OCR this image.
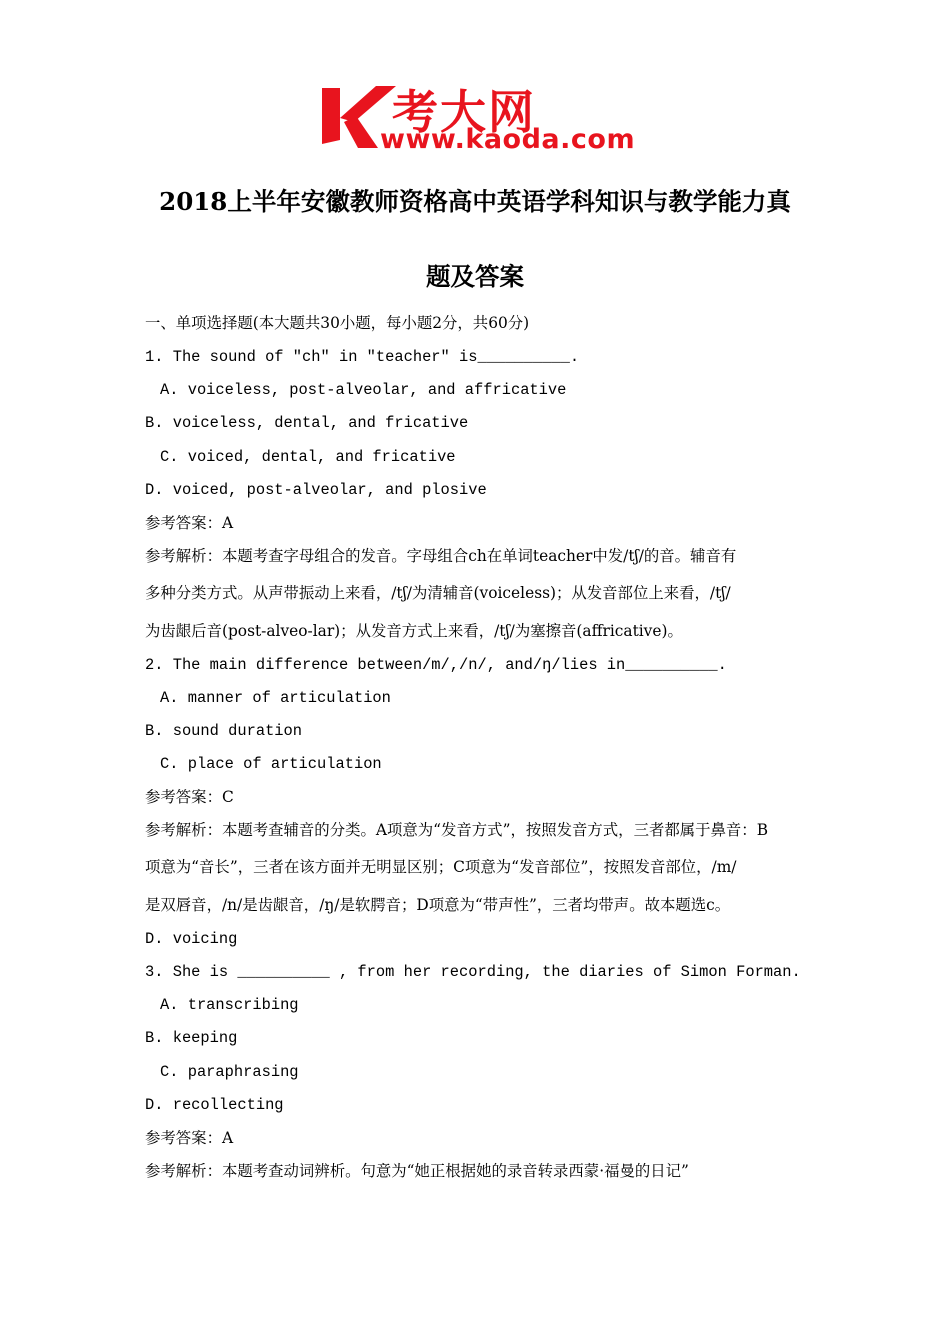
考大网
www.kaoda.com
2018上半年安徽教师资格高中英语学科知识与教学能力真
题及答案
一、单项选择题(本大题共30小题，每小题2分，共60分)
1. The sound of "ch" in "teacher" is__________.
A. voiceless, post-alveolar, and affricative
B. voiceless, dental, and fricative
C. voiced, dental, and fricative
D. voiced, post-alveolar, and plosive
参考答案：A
参考解析：本题考查字母组合的发音。字母组合ch在单词teacher中发/tʃ/的音。辅音有
多种分类方式。从声带振动上来看，/tʃ/为清辅音(voiceless)；从发音部位上来看，/tʃ/
为齿龈后音(post-alveo-lar)；从发音方式上来看，/tʃ/为塞擦音(affricative)。
2. The main difference between/m/,/n/, and/ŋ/lies in__________.
A. manner of articulation
B. sound duration
C. place of articulation
参考答案：C
参考解析：本题考查辅音的分类。A项意为“发音方式”，按照发音方式，三者都属于鼻音：B
项意为“音长”，三者在该方面并无明显区别；C项意为“发音部位”，按照发音部位，/m/
是双唇音，/n/是齿龈音，/ŋ/是软腭音；D项意为“带声性”，三者均带声。故本题选c。
D. voicing
3. She is __________ , from her recording, the diaries of Simon Forman.
A. transcribing
B. keeping
C. paraphrasing
D. recollecting
参考答案：A
参考解析：本题考查动词辨析。句意为“她正根据她的录音转录西蒙·福曼的日记”
